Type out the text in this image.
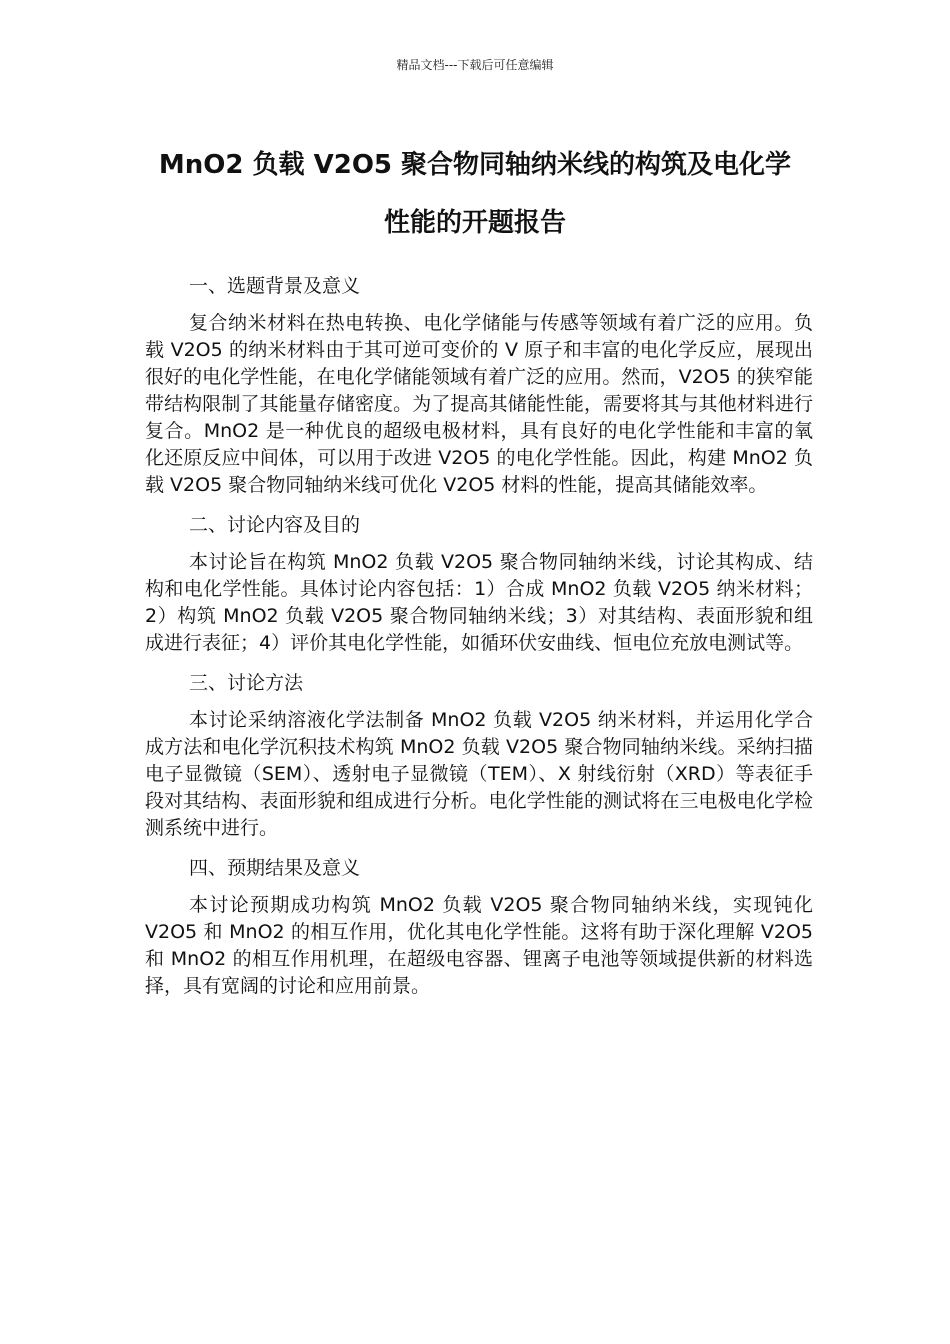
精品文档---下载后可任意编辑
MnO2 负载 V2O5 聚合物同轴纳米线的构筑及电化学
性能的开题报告
一、选题背景及意义

复合纳米材料在热电转换、电化学储能与传感等领域有着广泛的应用。负载 V2O5 的纳米材料由于其可逆可变价的 V 原子和丰富的电化学反应，展现出很好的电化学性能，在电化学储能领域有着广泛的应用。然而，V2O5 的狭窄能带结构限制了其能量存储密度。为了提高其储能性能，需要将其与其他材料进行复合。MnO2 是一种优良的超级电极材料，具有良好的电化学性能和丰富的氧化还原反应中间体，可以用于改进 V2O5 的电化学性能。因此，构建 MnO2 负载 V2O5 聚合物同轴纳米线可优化 V2O5 材料的性能，提高其储能效率。

二、讨论内容及目的

本讨论旨在构筑 MnO2 负载 V2O5 聚合物同轴纳米线，讨论其构成、结构和电化学性能。具体讨论内容包括：1）合成 MnO2 负载 V2O5 纳米材料；2）构筑 MnO2 负载 V2O5 聚合物同轴纳米线；3）对其结构、表面形貌和组成进行表征；4）评价其电化学性能，如循环伏安曲线、恒电位充放电测试等。

三、讨论方法

本讨论采纳溶液化学法制备 MnO2 负载 V2O5 纳米材料，并运用化学合成方法和电化学沉积技术构筑 MnO2 负载 V2O5 聚合物同轴纳米线。采纳扫描电子显微镜（SEM）、透射电子显微镜（TEM）、X 射线衍射（XRD）等表征手段对其结构、表面形貌和组成进行分析。电化学性能的测试将在三电极电化学检测系统中进行。

四、预期结果及意义

本讨论预期成功构筑 MnO2 负载 V2O5 聚合物同轴纳米线，实现钝化 V2O5 和 MnO2 的相互作用，优化其电化学性能。这将有助于深化理解 V2O5 和 MnO2 的相互作用机理，在超级电容器、锂离子电池等领域提供新的材料选择，具有宽阔的讨论和应用前景。
